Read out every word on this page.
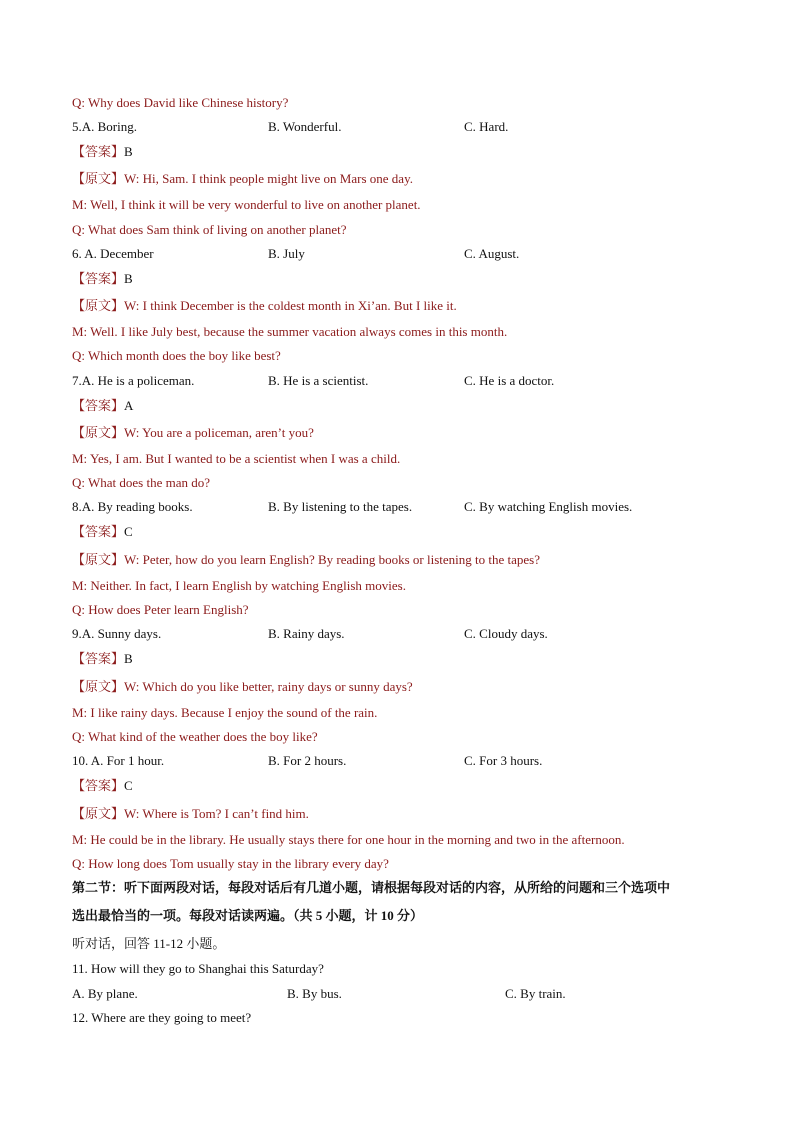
Q: Why does David like Chinese history?
5.A. Boring.	B. Wonderful.	C. Hard.
【答案】B
【原文】W: Hi, Sam. I think people might live on Mars one day.
M: Well, I think it will be very wonderful to live on another planet.
Q: What does Sam think of living on another planet?
6. A. December	B. July	C. August.
【答案】B
【原文】W: I think December is the coldest month in Xi’an. But I like it.
M: Well. I like July best, because the summer vacation always comes in this month.
Q: Which month does the boy like best?
7.A. He is a policeman.	B. He is a scientist.	C. He is a doctor.
【答案】A
【原文】W: You are a policeman, aren’t you?
M: Yes, I am. But I wanted to be a scientist when I was a child.
Q: What does the man do?
8.A. By reading books.	B. By listening to the tapes.	C. By watching English movies.
【答案】C
【原文】W: Peter, how do you learn English? By reading books or listening to the tapes?
M: Neither. In fact, I learn English by watching English movies.
Q: How does Peter learn English?
9.A. Sunny days.	B. Rainy days.	C. Cloudy days.
【答案】B
【原文】W: Which do you like better, rainy days or sunny days?
M: I like rainy days. Because I enjoy the sound of the rain.
Q: What kind of the weather does the boy like?
10. A. For 1 hour.	B. For 2 hours.	C. For 3 hours.
【答案】C
【原文】W: Where is Tom? I can’t find him.
M: He could be in the library. He usually stays there for one hour in the morning and two in the afternoon.
Q: How long does Tom usually stay in the library every day?
第二节：听下面两段对话，每段对话后有几道小题，请根据每段对话的内容，从所给的问题和三个选项中
选出最恰当的一项。每段对话读两遍。（共 5 小题，计 10 分）
听对话，回答 11-12 小题。
11. How will they go to Shanghai this Saturday?
A. By plane.	B. By bus.	C. By train.
12. Where are they going to meet?
